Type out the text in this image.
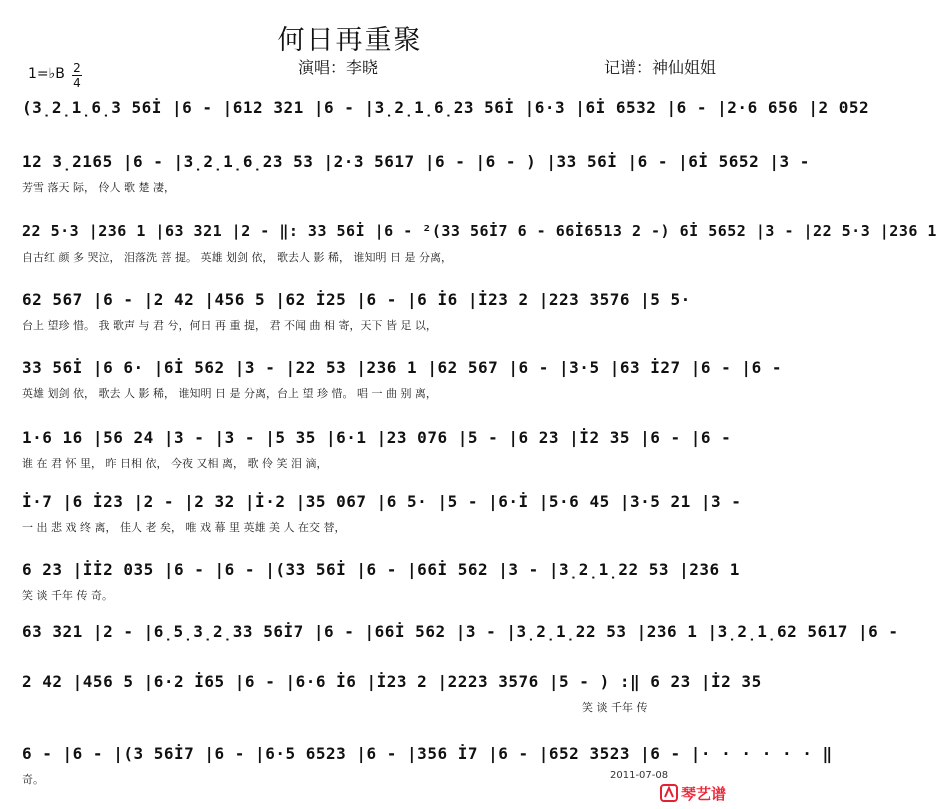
何日再重聚
演唱：李晓	记谱：神仙姐姐
1=♭B 2
4
(3̣2̣1̣6̣3 56İ |6 - |612 321 |6 - |3̣2̣1̣6̣23 56İ |6·3 |6İ 6532 |6 - |2·6 656 |2 052
12 3̣2165 |6 - |3̣2̣1̣6̣23 53 |2·3 5617 |6 - |6 - ) |33 56İ |6 - |6İ 5652 |3 -
芳雪 落天 际， 伶人 歌 楚 凄，
22 5·3 |236 1 |63 321 |2 - ‖: 33 56İ |6 - ²(33 56İ7 6 - 66İ6513 2 -) 6İ 5652 |3 - |22 5·3 |236 1
自古红 颜 多 哭泣， 泪落洗 菩 提。 英雄 划剑 依， 歌去人 影 稀， 谁知明 日 是 分离，
62 567 |6 - |2 42 |456 5 |62 İ25 |6 - |6 İ6 |İ23 2 |223 3576 |5 5·
台上 望珍 惜。 我 歌声 与 君 兮，何日 再 重 提， 君 不闻 曲 相 寄，天下 皆 足 以，
33 56İ |6 6· |6İ 562 |3 - |22 53 |236 1 |62 567 |6 - |3·5 |63 İ27 |6 - |6 -
英雄 划剑 依， 歌去 人 影 稀， 谁知明 日 是 分离，台上 望 珍 惜。 唱 一 曲 别 离，
1·6 16 |56 24 |3 - |3 - |5 35 |6·1 |23 076 |5 - |6 23 |İ2 35 |6 - |6 -
谁 在 君 怀 里， 昨 日相 依， 今夜 又相 离， 歌 伶 笑 泪 滴，
İ·7 |6 İ23 |2 - |2 32 |İ·2 |35 067 |6 5· |5 - |6·İ |5·6 45 |3·5 21 |3 -
一 出 悲 戏 终 离， 佳人 老 矣， 唯 戏 幕 里 英雄 美 人 在交 替，
6 23 |İİ2 035 |6 - |6 - |(33 56İ |6 - |66İ 562 |3 - |3̣2̣1̣22 53 |236 1
笑 谈 千年 传 奇。
63 321 |2 - |6̣5̣3̣2̣33 56İ7 |6 - |66İ 562 |3 - |3̣2̣1̣22 53 |236 1 |3̣2̣1̣62 5617 |6 -
2 42 |456 5 |6·2 İ65 |6 - |6·6 İ6 |İ23 2 |2223 3576 |5 - ) :‖ 6 23 |İ2 35
笑 谈 千年 传
6 - |6 - |(3 56İ7 |6 - |6·5 6523 |6 - |356 İ7 |6 - |652 3523 |6 - |· · · · · · ‖
奇。	2011-07-08
琴艺谱
